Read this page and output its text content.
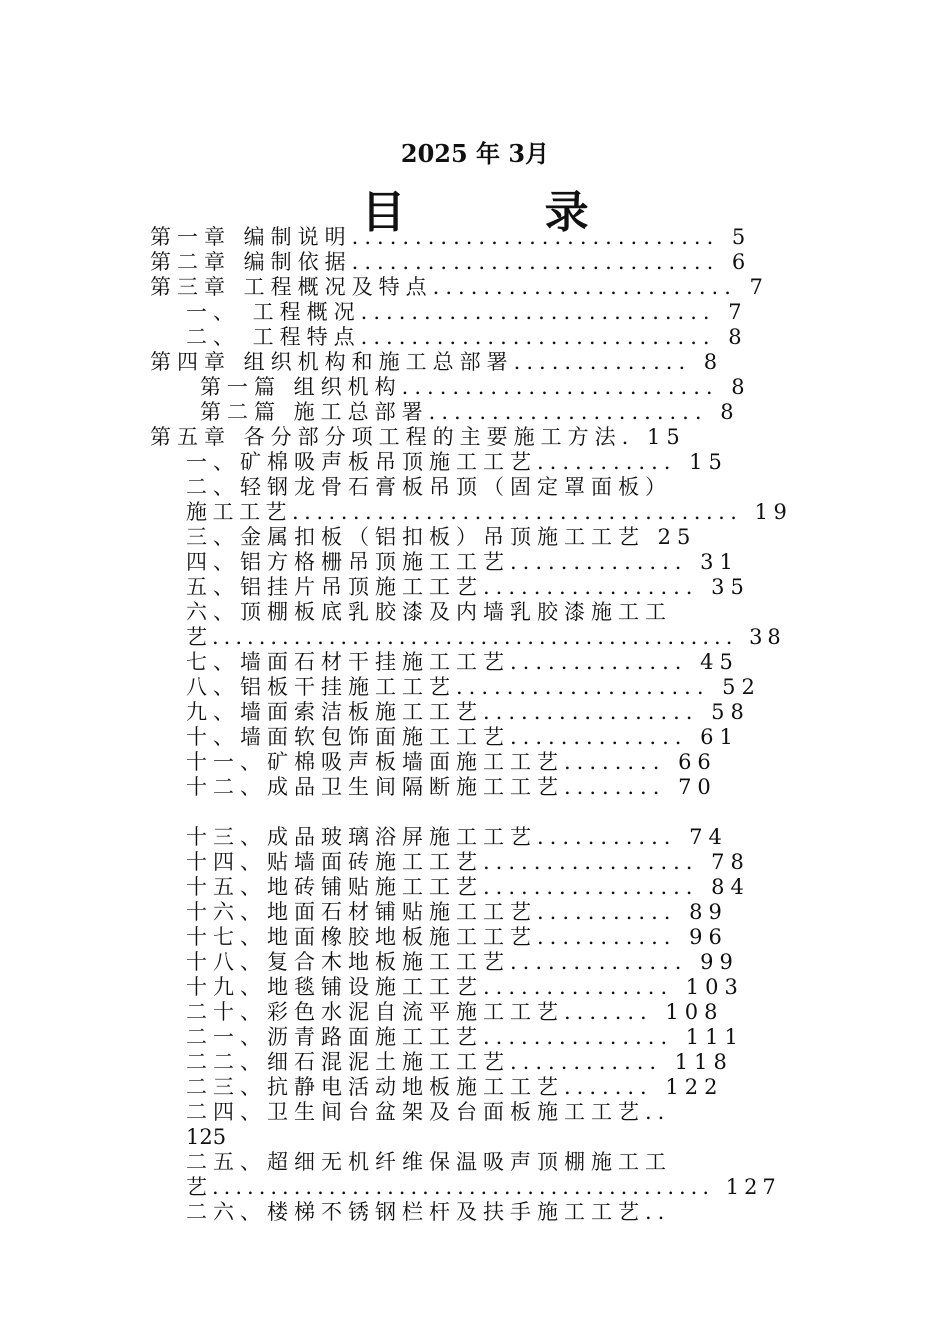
2025 年 3月
目 录
第一章 编制说明............................. 5
第二章 编制依据............................. 6
第三章 工程概况及特点........................ 7
一、 工程概况............................ 7
二、 工程特点............................ 8
第四章 组织机构和施工总部署.............. 8
第一篇 组织机构......................... 8
第二篇 施工总部署...................... 8
第五章 各分部分项工程的主要施工方法. 15
一、矿棉吸声板吊顶施工工艺........... 15
二、轻钢龙骨石膏板吊顶（固定罩面板）
施工工艺..................................... 19
三、金属扣板（铝扣板）吊顶施工工艺 25
四、铝方格栅吊顶施工工艺.............. 31
五、铝挂片吊顶施工工艺................. 35
六、顶棚板底乳胶漆及内墙乳胶漆施工工
艺............................................. 38
七、墙面石材干挂施工工艺.............. 45
八、铝板干挂施工工艺.................... 52
九、墙面索洁板施工工艺................. 58
十、墙面软包饰面施工工艺.............. 61
十一、矿棉吸声板墙面施工工艺........ 66
十二、成品卫生间隔断施工工艺........ 70
十三、成品玻璃浴屏施工工艺........... 74
十四、贴墙面砖施工工艺................. 78
十五、地砖铺贴施工工艺................. 84
十六、地面石材铺贴施工工艺........... 89
十七、地面橡胶地板施工工艺........... 96
十八、复合木地板施工工艺.............. 99
十九、地毯铺设施工工艺............... 103
二十、彩色水泥自流平施工工艺....... 108
二一、沥青路面施工工艺............... 111
二二、细石混泥土施工工艺............ 118
二三、抗静电活动地板施工工艺....... 122
二四、卫生间台盆架及台面板施工工艺..
125
二五、超细无机纤维保温吸声顶棚施工工
艺........................................... 127
二六、楼梯不锈钢栏杆及扶手施工工艺..
